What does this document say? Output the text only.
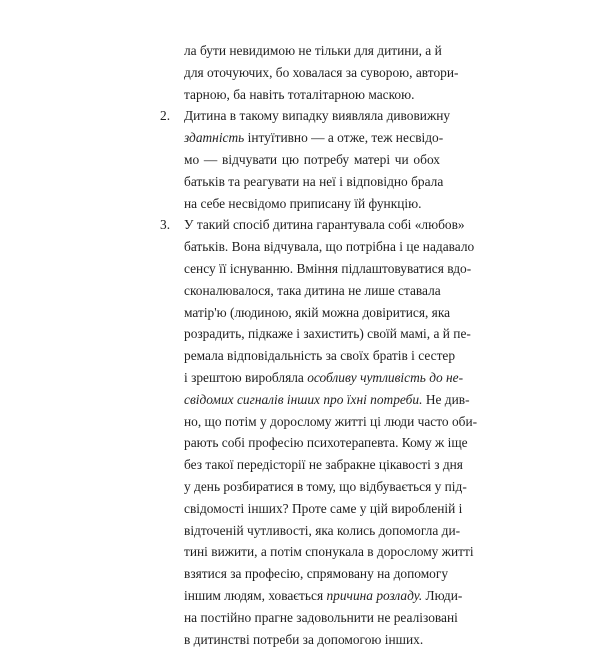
ла бути невидимою не тільки для дитини, а й
для оточуючих, бо ховалася за суворою, автори-
тарною, ба навіть тоталітарною маскою.
2.	Дитина в такому випадку виявляла дивовижну
здатність інтуїтивно — а отже, теж несвідо-
мо — відчувати цю потребу матері чи обох
батьків та реагувати на неї і відповідно брала
на себе несвідомо приписану їй функцію.
3.	У такий спосіб дитина гарантувала собі «любов»
батьків. Вона відчувала, що потрібна і це надавало
сенсу її існуванню. Вміння підлаштовуватися вдо-
сконалювалося, така дитина не лише ставала
матір'ю (людиною, якій можна довіритися, яка
розрадить, підкаже і захистить) своїй мамі, а й пе-
ремала відповідальність за своїх братів і сестер
і зрештою виробляла особливу чутливість до не-
свідомих сигналів інших про їхні потреби. Не див-
но, що потім у дорослому житті ці люди часто оби-
рають собі професію психотерапевта. Кому ж іще
без такої передісторії не забракне цікавості з дня
у день розбиратися в тому, що відбувається у під-
свідомості інших? Проте саме у цій виробленій і
відточеній чутливості, яка колись допомогла ди-
тині вижити, а потім спонукала в дорослому житті
взятися за професію, спрямовану на допомогу
іншим людям, ховається причина розладу. Люди-
на постійно прагне задовольнити не реалізовані
в дитинстві потреби за допомогою інших.
